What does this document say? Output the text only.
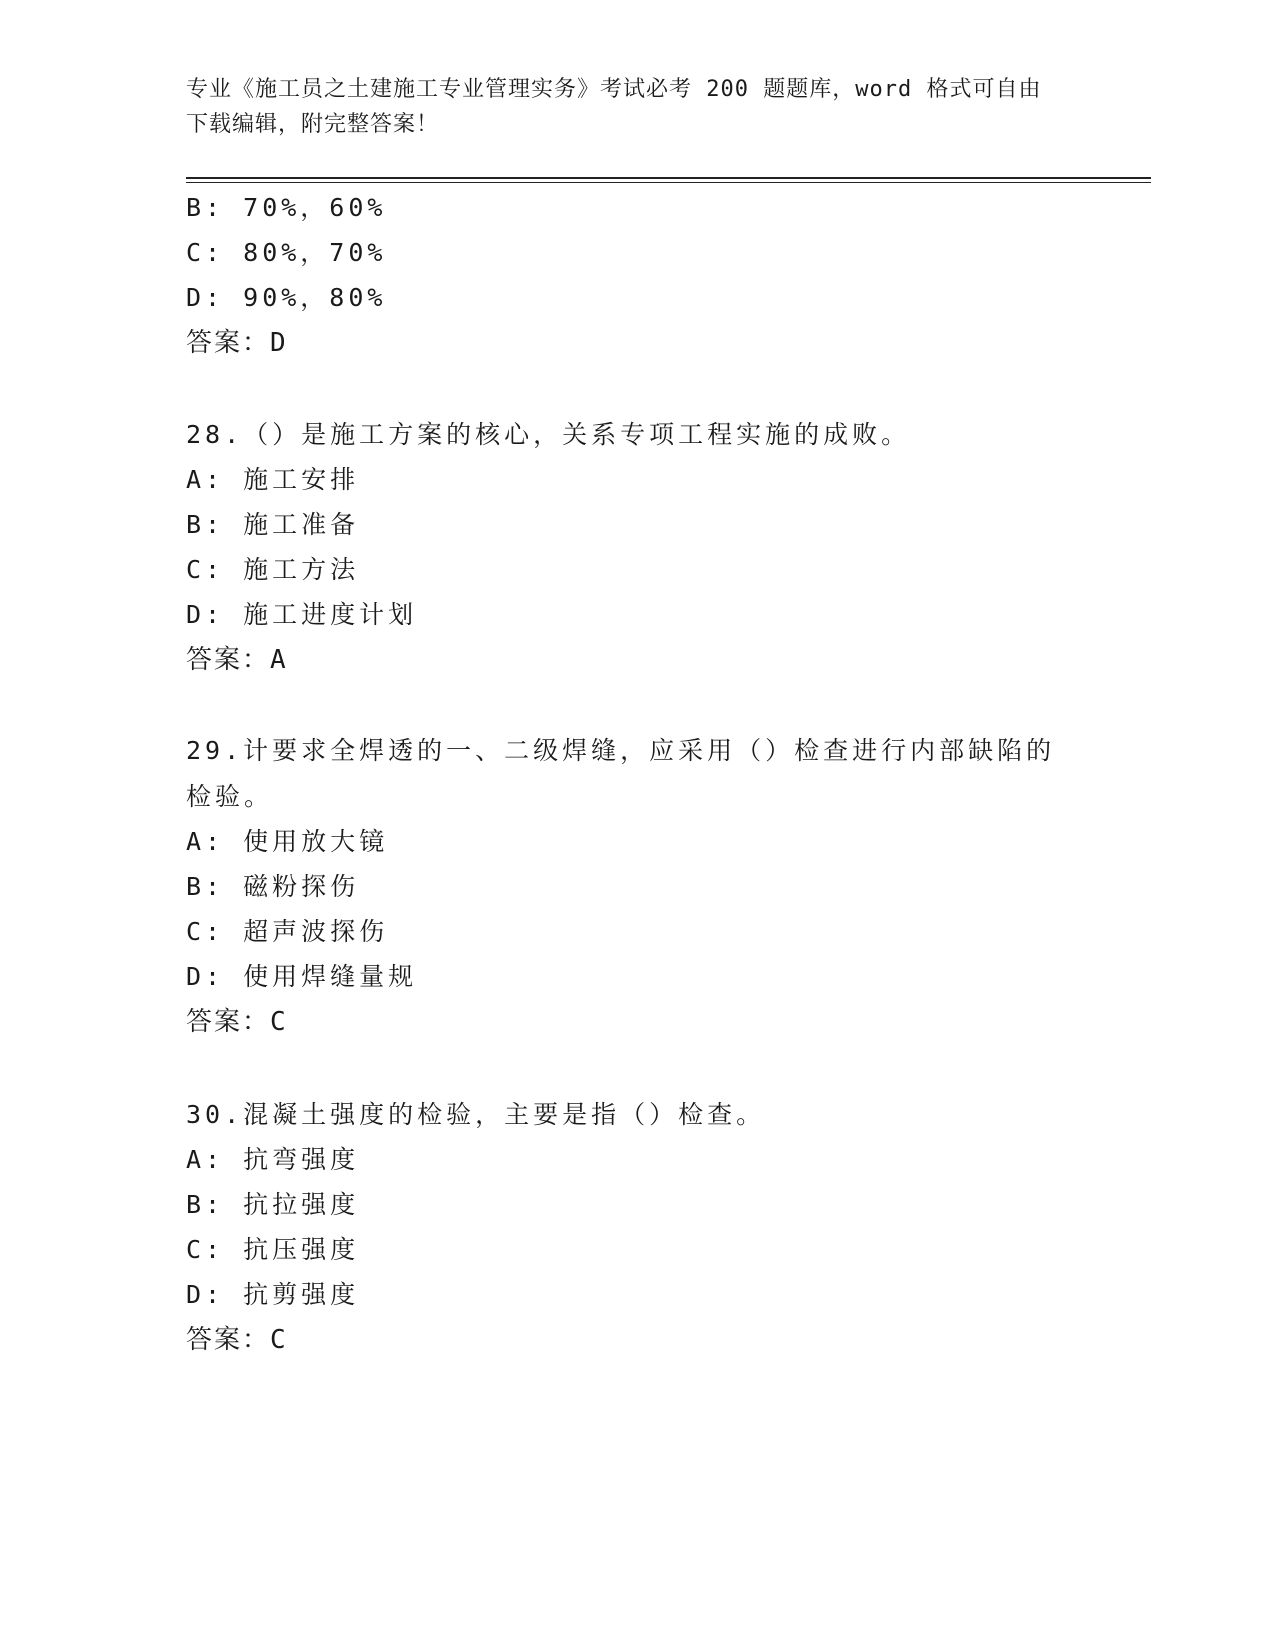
专业《施工员之土建施工专业管理实务》考试必考 200 题题库，word 格式可自由
下载编辑，附完整答案！
B: 70%，60%
C: 80%，70%
D: 90%，80%
答案：D
28.（）是施工方案的核心，关系专项工程实施的成败。
A: 施工安排
B: 施工准备
C: 施工方法
D: 施工进度计划
答案：A
29.计要求全焊透的一、二级焊缝，应采用（）检查进行内部缺陷的检验。
A: 使用放大镜
B: 磁粉探伤
C: 超声波探伤
D: 使用焊缝量规
答案：C
30.混凝土强度的检验，主要是指（）检查。
A: 抗弯强度
B: 抗拉强度
C: 抗压强度
D: 抗剪强度
答案：C
